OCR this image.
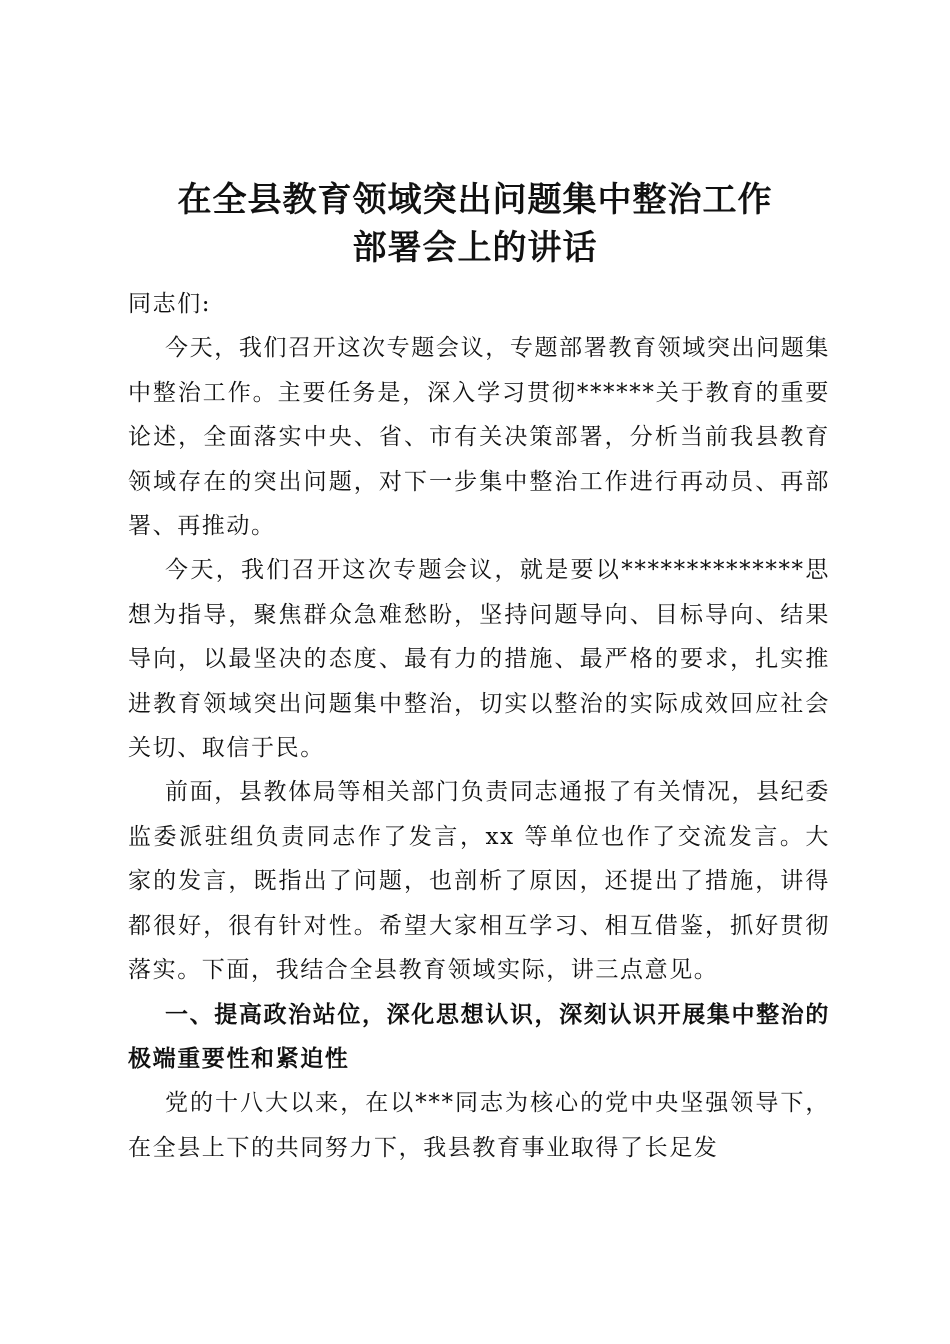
在全县教育领域突出问题集中整治工作
部署会上的讲话

同志们:

今天，我们召开这次专题会议，专题部署教育领域突出问题集中整治工作。主要任务是，深入学习贯彻******关于教育的重要论述，全面落实中央、省、市有关决策部署，分析当前我县教育领域存在的突出问题，对下一步集中整治工作进行再动员、再部署、再推动。

今天，我们召开这次专题会议，就是要以**************思想为指导，聚焦群众急难愁盼，坚持问题导向、目标导向、结果导向，以最坚决的态度、最有力的措施、最严格的要求，扎实推进教育领域突出问题集中整治，切实以整治的实际成效回应社会关切、取信于民。

前面，县教体局等相关部门负责同志通报了有关情况，县纪委监委派驻组负责同志作了发言，xx 等单位也作了交流发言。大家的发言，既指出了问题，也剖析了原因，还提出了措施，讲得都很好，很有针对性。希望大家相互学习、相互借鉴，抓好贯彻落实。下面，我结合全县教育领域实际，讲三点意见。

一、提高政治站位，深化思想认识，深刻认识开展集中整治的极端重要性和紧迫性

党的十八大以来，在以***同志为核心的党中央坚强领导下，在全县上下的共同努力下，我县教育事业取得了长足发
